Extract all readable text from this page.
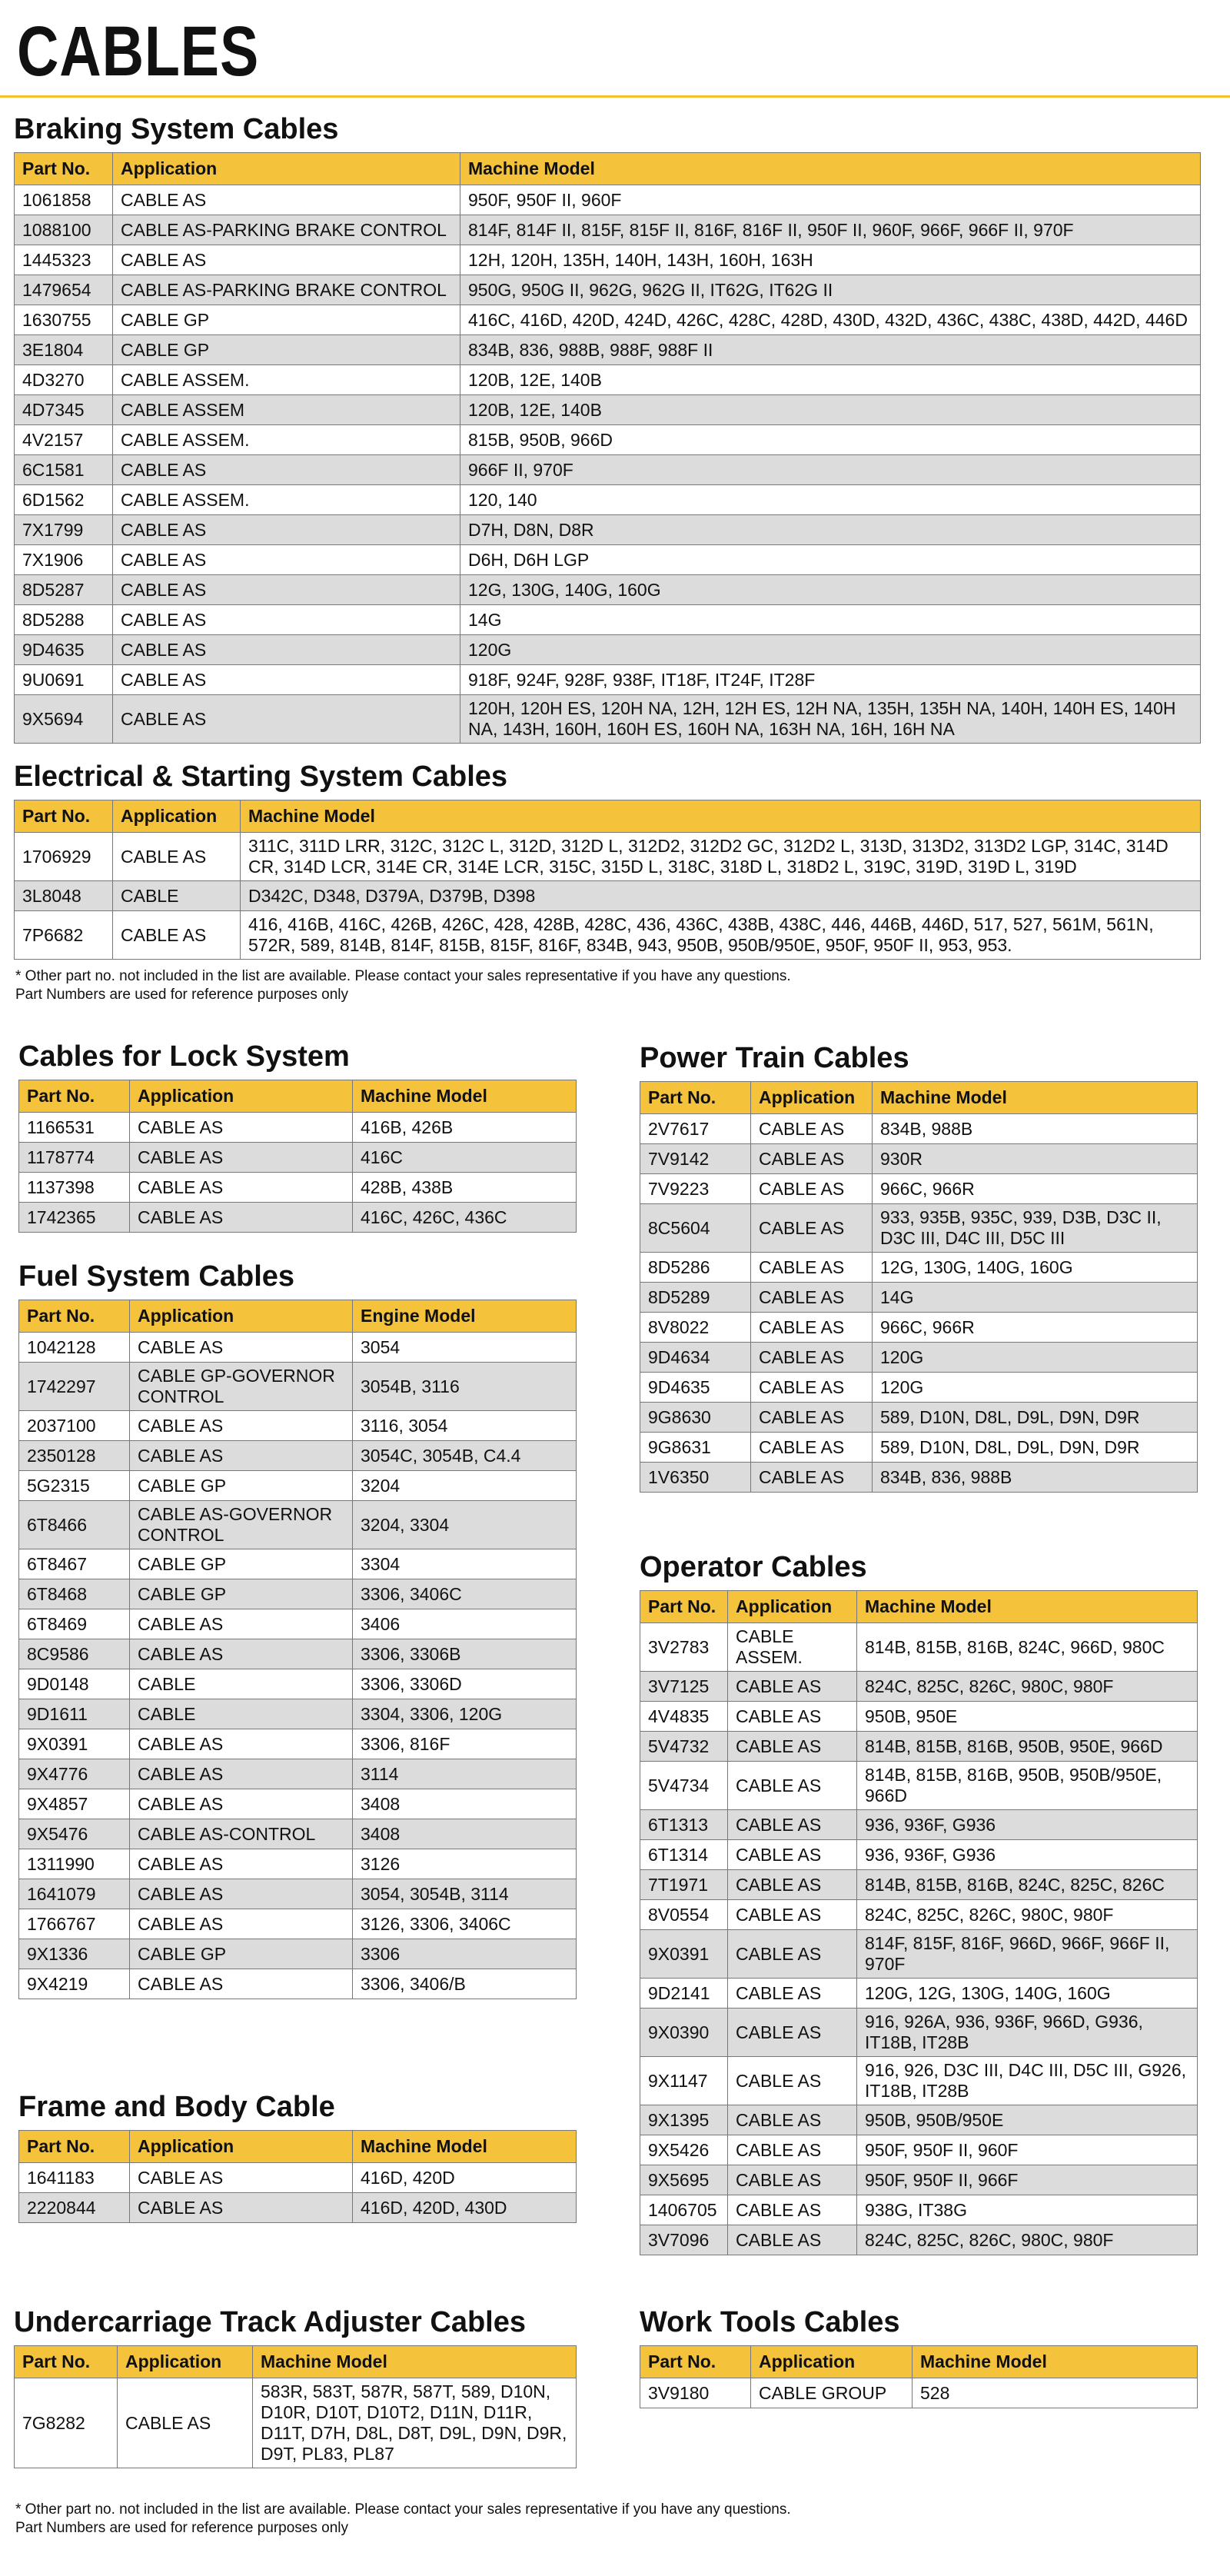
CABLES
Braking System Cables
Part No.	Application	Machine Model
1061858	CABLE AS	950F, 950F II, 960F
1088100	CABLE AS-PARKING BRAKE CONTROL	814F, 814F II, 815F, 815F II, 816F, 816F II, 950F II, 960F, 966F, 966F II, 970F
1445323	CABLE AS	12H, 120H, 135H, 140H, 143H, 160H, 163H
1479654	CABLE AS-PARKING BRAKE CONTROL	950G, 950G II, 962G, 962G II, IT62G, IT62G II
1630755	CABLE GP	416C, 416D, 420D, 424D, 426C, 428C, 428D, 430D, 432D, 436C, 438C, 438D, 442D, 446D
3E1804	CABLE GP	834B, 836, 988B, 988F, 988F II
4D3270	CABLE ASSEM.	120B, 12E, 140B
4D7345	CABLE ASSEM	120B, 12E, 140B
4V2157	CABLE ASSEM.	815B, 950B, 966D
6C1581	CABLE AS	966F II, 970F
6D1562	CABLE ASSEM.	120, 140
7X1799	CABLE AS	D7H, D8N, D8R
7X1906	CABLE AS	D6H, D6H LGP
8D5287	CABLE AS	12G, 130G, 140G, 160G
8D5288	CABLE AS	14G
9D4635	CABLE AS	120G
9U0691	CABLE AS	918F, 924F, 928F, 938F, IT18F, IT24F, IT28F
9X5694	CABLE AS	120H, 120H ES, 120H NA, 12H, 12H ES, 12H NA, 135H, 135H NA, 140H, 140H ES, 140H NA, 143H, 160H, 160H ES, 160H NA, 163H NA, 16H, 16H NA
Electrical & Starting System Cables
Part No.	Application	Machine Model
1706929	CABLE AS	311C, 311D LRR, 312C, 312C L, 312D, 312D L, 312D2, 312D2 GC, 312D2 L, 313D, 313D2, 313D2 LGP, 314C, 314D CR, 314D LCR, 314E CR, 314E LCR, 315C, 315D L, 318C, 318D L, 318D2 L, 319C, 319D, 319D L, 319D
3L8048	CABLE	D342C, D348, D379A, D379B, D398
7P6682	CABLE AS	416, 416B, 416C, 426B, 426C, 428, 428B, 428C, 436, 436C, 438B, 438C, 446, 446B, 446D, 517, 527, 561M, 561N, 572R, 589, 814B, 814F, 815B, 815F, 816F, 834B, 943, 950B, 950B/950E, 950F, 950F II, 953, 953.
* Other part no. not included in the list are available. Please contact your sales representative if you have any questions.
Part Numbers are used for reference purposes only
Cables for Lock System
Part No.	Application	Machine Model
1166531	CABLE AS	416B, 426B
1178774	CABLE AS	416C
1137398	CABLE AS	428B, 438B
1742365	CABLE AS	416C, 426C, 436C
Fuel System Cables
Part No.	Application	Engine Model
1042128	CABLE AS	3054
1742297	CABLE GP-GOVERNOR CONTROL	3054B, 3116
2037100	CABLE AS	3116, 3054
2350128	CABLE AS	3054C, 3054B, C4.4
5G2315	CABLE GP	3204
6T8466	CABLE AS-GOVERNOR CONTROL	3204, 3304
6T8467	CABLE GP	3304
6T8468	CABLE GP	3306, 3406C
6T8469	CABLE AS	3406
8C9586	CABLE AS	3306, 3306B
9D0148	CABLE	3306, 3306D
9D1611	CABLE	3304, 3306, 120G
9X0391	CABLE AS	3306, 816F
9X4776	CABLE AS	3114
9X4857	CABLE AS	3408
9X5476	CABLE AS-CONTROL	3408
1311990	CABLE AS	3126
1641079	CABLE AS	3054, 3054B, 3114
1766767	CABLE AS	3126, 3306, 3406C
9X1336	CABLE GP	3306
9X4219	CABLE AS	3306, 3406/B
Frame and Body Cable
Part No.	Application	Machine Model
1641183	CABLE AS	416D, 420D
2220844	CABLE AS	416D, 420D, 430D
Undercarriage Track Adjuster Cables
Part No.	Application	Machine Model
7G8282	CABLE AS	583R, 583T, 587R, 587T, 589, D10N, D10R, D10T, D10T2, D11N, D11R, D11T, D7H, D8L, D8T, D9L, D9N, D9R, D9T, PL83, PL87
Power Train Cables
Part No.	Application	Machine Model
2V7617	CABLE AS	834B, 988B
7V9142	CABLE AS	930R
7V9223	CABLE AS	966C, 966R
8C5604	CABLE AS	933, 935B, 935C, 939, D3B, D3C II, D3C III, D4C III, D5C III
8D5286	CABLE AS	12G, 130G, 140G, 160G
8D5289	CABLE AS	14G
8V8022	CABLE AS	966C, 966R
9D4634	CABLE AS	120G
9D4635	CABLE AS	120G
9G8630	CABLE AS	589, D10N, D8L, D9L, D9N, D9R
9G8631	CABLE AS	589, D10N, D8L, D9L, D9N, D9R
1V6350	CABLE AS	834B, 836, 988B
Operator Cables
Part No.	Application	Machine Model
3V2783	CABLE ASSEM.	814B, 815B, 816B, 824C, 966D, 980C
3V7125	CABLE AS	824C, 825C, 826C, 980C, 980F
4V4835	CABLE AS	950B, 950E
5V4732	CABLE AS	814B, 815B, 816B, 950B, 950E, 966D
5V4734	CABLE AS	814B, 815B, 816B, 950B, 950B/950E, 966D
6T1313	CABLE AS	936, 936F, G936
6T1314	CABLE AS	936, 936F, G936
7T1971	CABLE AS	814B, 815B, 816B, 824C, 825C, 826C
8V0554	CABLE AS	824C, 825C, 826C, 980C, 980F
9X0391	CABLE AS	814F, 815F, 816F, 966D, 966F, 966F II, 970F
9D2141	CABLE AS	120G, 12G, 130G, 140G, 160G
9X0390	CABLE AS	916, 926A, 936, 936F, 966D, G936, IT18B, IT28B
9X1147	CABLE AS	916, 926, D3C III, D4C III, D5C III, G926, IT18B, IT28B
9X1395	CABLE AS	950B, 950B/950E
9X5426	CABLE AS	950F, 950F II, 960F
9X5695	CABLE AS	950F, 950F II, 966F
1406705	CABLE AS	938G, IT38G
3V7096	CABLE AS	824C, 825C, 826C, 980C, 980F
Work Tools Cables
Part No.	Application	Machine Model
3V9180	CABLE GROUP	528
* Other part no. not included in the list are available. Please contact your sales representative if you have any questions.
Part Numbers are used for reference purposes only
